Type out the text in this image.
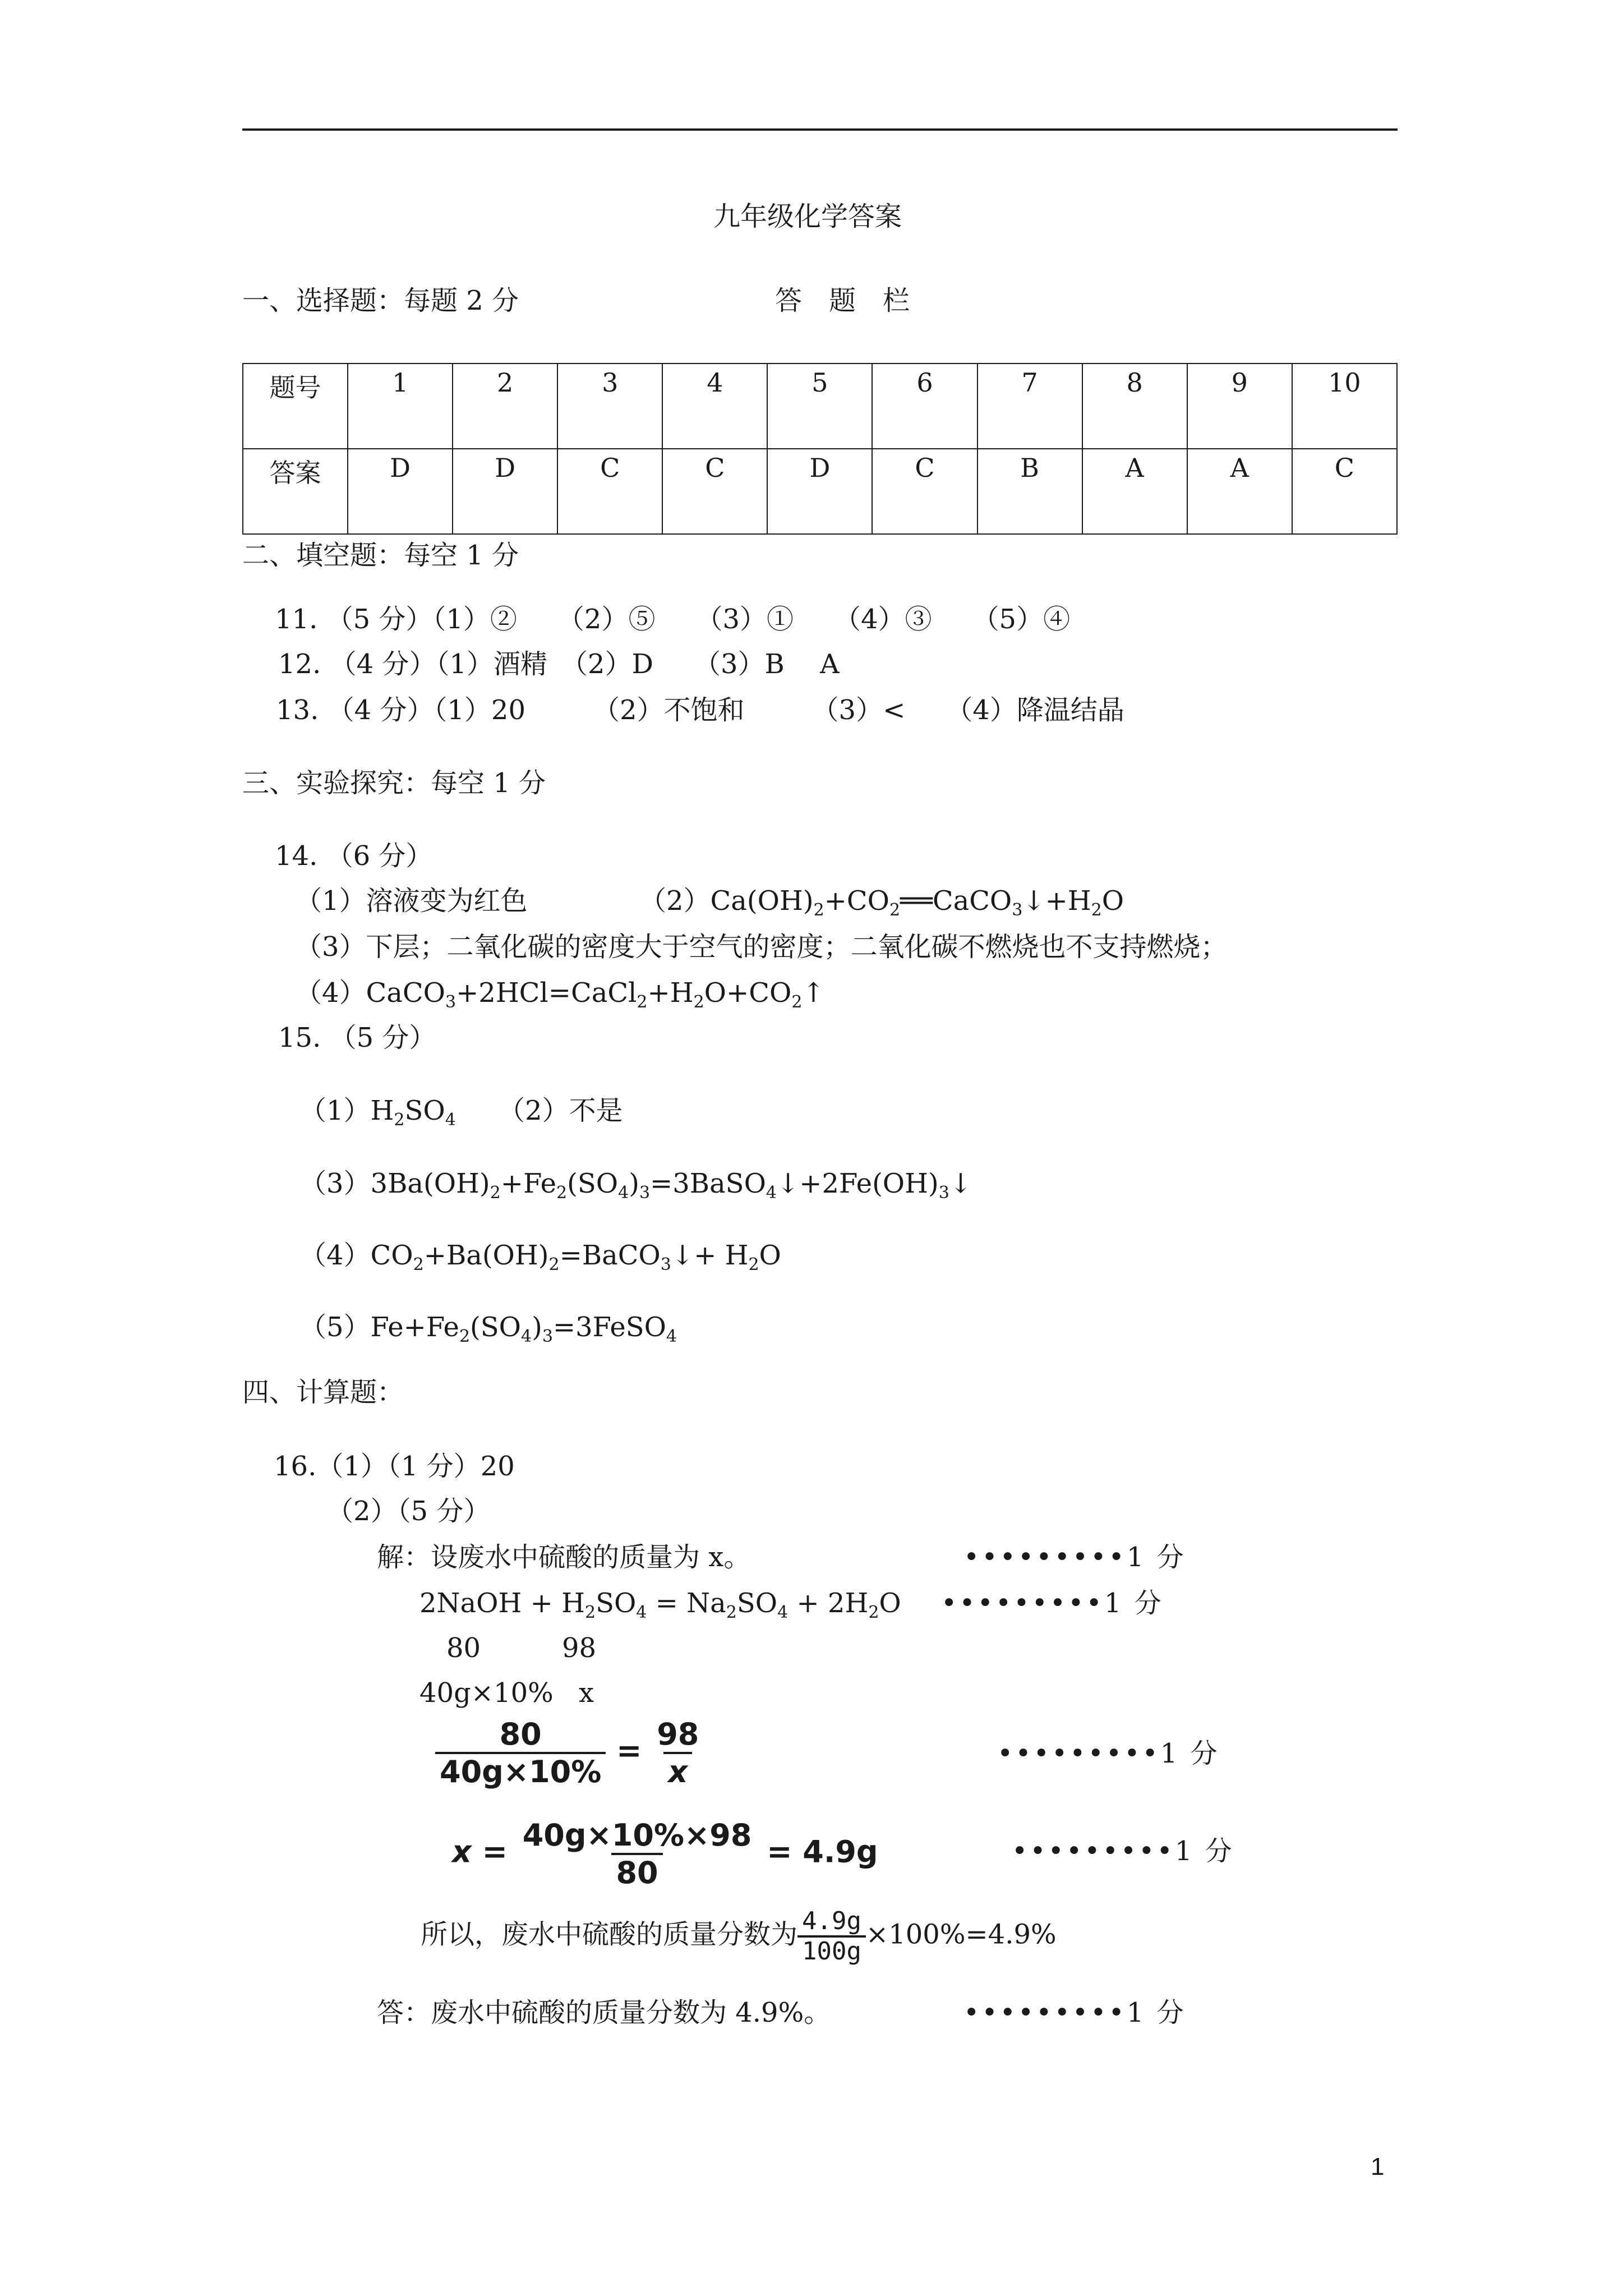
九年级化学答案
一、选择题：每题 2 分	答　题　栏
题号	1	2	3	4	5	6	7	8	9	10
答案	D	D	C	C	D	C	B	A	A	C
二、填空题：每空 1 分
11. （5 分）（1）②　　（2）⑤　　（3）①　　（4）③　　（5）④
12. （4 分）（1）酒精　（2）D　　（3）B　 A
13. （4 分）（1）20　　　（2）不饱和　　　（3）<　　（4）降温结晶
三、实验探究：每空 1 分
14. （6 分）
（1）溶液变为红色	$(2)Ca(OH)_2+CO_2══CaCO_3↓+H_2O$
（3）下层；二氧化碳的密度大于空气的密度；二氧化碳不燃烧也不支持燃烧；
$(4)CaCO_3+2HCl=CaCl_2+H_2O+CO_2↑$
15. （5 分）
$(1)H_2SO_4$ （2）不是
$(3)3Ba(OH)_2+Fe_2(SO_4)_3=3BaSO_4↓+2Fe(OH)_3↓$
$(4)CO_2+Ba(OH)_2=BaCO_3↓+ H_2O$
$(5)Fe+Fe_2(SO_4)_3=3FeSO_4$
四、计算题：
16.（1）（1 分）20
（2）（5 分）
解：设废水中硫酸的质量为 x。	•••••••••1 分
2NaOH + $H_2SO_4 = Na_2SO_4 + 2H_2O$ •••••••••1 分
80	98
40g×10% x
$\frac{80}{40g\times 10\%} = \frac{98}{x}$	•••••••••1 分
$x = \frac{40g\times 10\%\times 98}{80} = 4.9g$	•••••••••1 分
所以，废水中硫酸的质量分数为 $\frac{4.9g}{100g} \times 100\%=4.9\%$
答：废水中硫酸的质量分数为 4.9%。	•••••••••1 分
1
